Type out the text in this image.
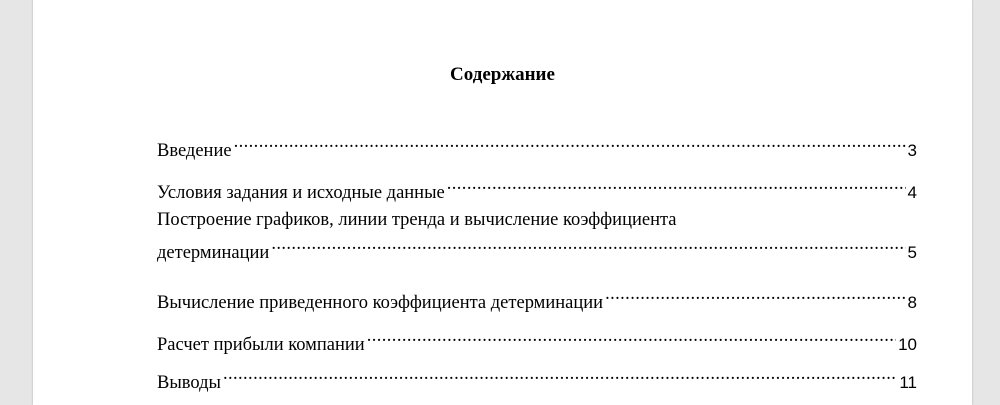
Содержание
Введение .....	3
Условия задания и исходные данные .....	4
Построение графиков, линии тренда и вычисление коэффициента
детерминации .....	5
Вычисление приведенного коэффициента детерминации .....	8
Расчет прибыли компании .....	10
Выводы .....	11
